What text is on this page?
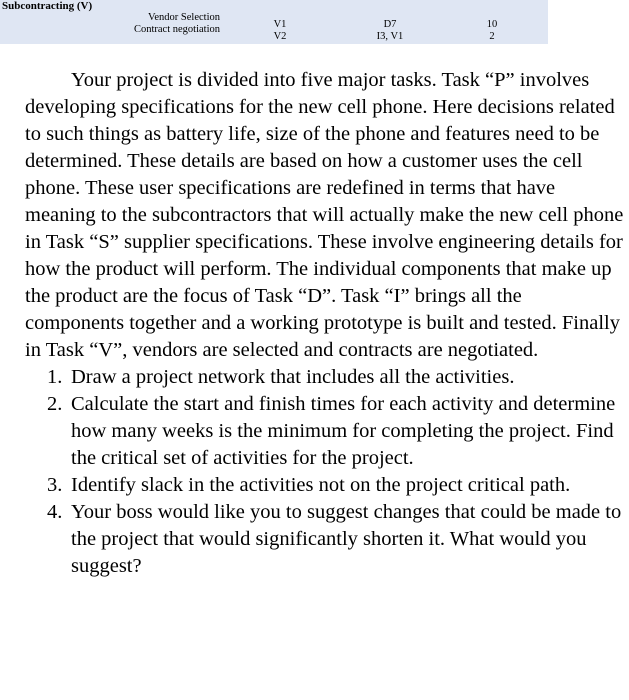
Subcontracting (V)
Vendor Selection
Contract negotiation	V1
V2
D7
I3, V1
10
2

Your project is divided into five major tasks. Task “P” involves developing specifications for the new cell phone. Here decisions related to such things as battery life, size of the phone and features need to be determined. These details are based on how a customer uses the cell phone. These user specifications are redefined in terms that have meaning to the subcontractors that will actually make the new cell phone in Task “S” supplier specifications. These involve engineering details for how the product will perform. The individual components that make up the product are the focus of Task “D”. Task “I” brings all the components together and a working prototype is built and tested. Finally in Task “V”, vendors are selected and contracts are negotiated.

1. Draw a project network that includes all the activities.
2. Calculate the start and finish times for each activity and determine how many weeks is the minimum for completing the project. Find the critical set of activities for the project.
3. Identify slack in the activities not on the project critical path.
4. Your boss would like you to suggest changes that could be made to the project that would significantly shorten it. What would you suggest?
